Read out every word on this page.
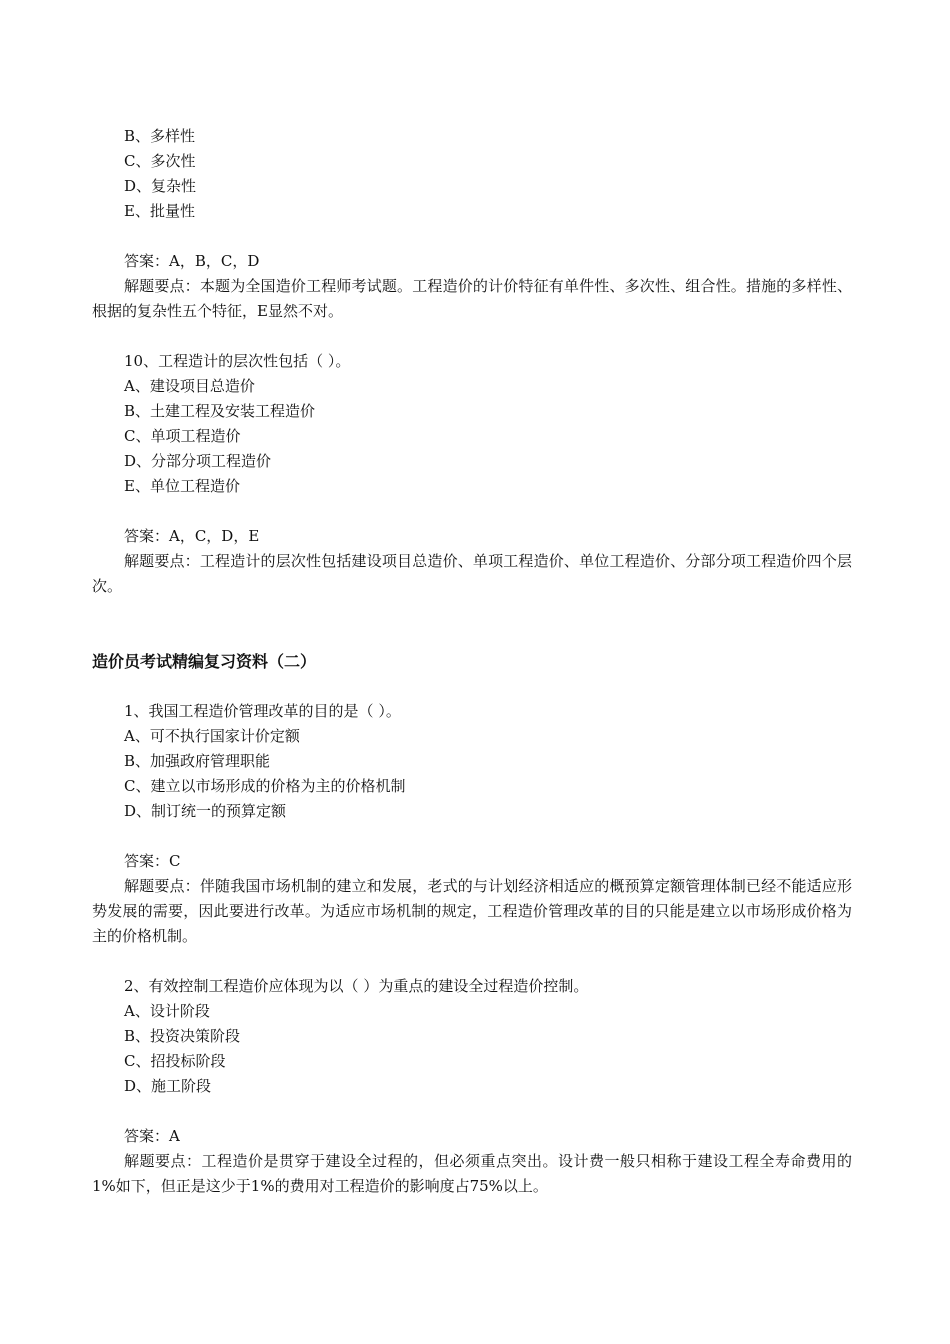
B、多样性

C、多次性

D、复杂性

E、批量性

答案：A，B，C，D

解题要点：本题为全国造价工程师考试题。工程造价的计价特征有单件性、多次性、组合性。措施的多样性、根据的复杂性五个特征，E显然不对。

10、工程造计的层次性包括（ ）。

A、建设项目总造价

B、土建工程及安装工程造价

C、单项工程造价

D、分部分项工程造价

E、单位工程造价

答案：A，C，D，E

解题要点：工程造计的层次性包括建设项目总造价、单项工程造价、单位工程造价、分部分项工程造价四个层次。

造价员考试精编复习资料（二）

1、我国工程造价管理改革的目的是（ ）。

A、可不执行国家计价定额

B、加强政府管理职能

C、建立以市场形成的价格为主的价格机制

D、制订统一的预算定额

答案：C

解题要点：伴随我国市场机制的建立和发展，老式的与计划经济相适应的概预算定额管理体制已经不能适应形势发展的需要，因此要进行改革。为适应市场机制的规定，工程造价管理改革的目的只能是建立以市场形成价格为主的价格机制。

2、有效控制工程造价应体现为以（ ）为重点的建设全过程造价控制。

A、设计阶段

B、投资决策阶段

C、招投标阶段

D、施工阶段

答案：A

解题要点：工程造价是贯穿于建设全过程的，但必须重点突出。设计费一般只相称于建设工程全寿命费用的1%如下，但正是这少于1%的费用对工程造价的影响度占75%以上。
